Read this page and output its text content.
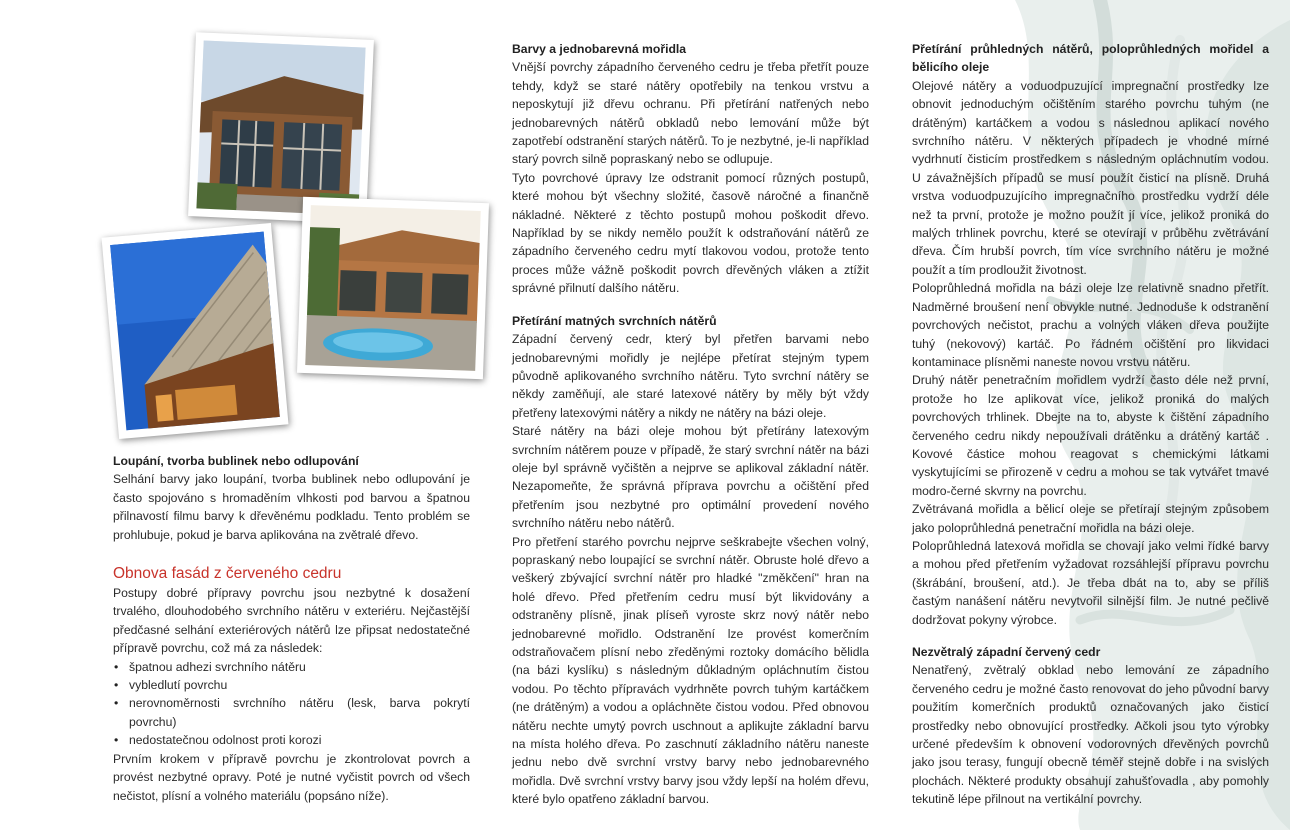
Loupání, tvorba bublinek nebo odlupování

Selhání barvy jako loupání, tvorba bublinek nebo odlupování je často spojováno s hromaděním vlhkosti pod barvou a špatnou přilnavostí filmu barvy k dřevěnému podkladu. Tento problém se prohlubuje, pokud je barva aplikována na zvětralé dřevo.

Obnova fasád z červeného cedru

Postupy dobré přípravy povrchu jsou nezbytné k dosažení trvalého, dlouhodobého svrchního nátěru v exteriéru. Nejčastější předčasné selhání exteriérových nátěrů lze připsat nedostatečné přípravě povrchu, což má za následek:

• špatnou adhezi svrchního nátěru
• vybledlutí povrchu
• nerovnoměrnosti svrchního nátěru (lesk, barva pokrytí povrchu)
• nedostatečnou odolnost proti korozi

Prvním krokem v přípravě povrchu je zkontrolovat povrch a provést nezbytné opravy. Poté je nutné vyčistit povrch od všech nečistot, plísní a volného materiálu (popsáno níže).

Barvy a jednobarevná mořidla

Vnější povrchy západního červeného cedru je třeba přetřít pouze tehdy, když se staré nátěry opotřebily na tenkou vrstvu a neposkytují již dřevu ochranu. Při přetírání natřených nebo jednobarevných nátěrů obkladů nebo lemování může být zapotřebí odstranění starých nátěrů. To je nezbytné, je-li například starý povrch silně popraskaný nebo se odlupuje.

Tyto povrchové úpravy lze odstranit pomocí různých postupů, které mohou být všechny složité, časově náročné a finančně nákladné. Některé z těchto postupů mohou poškodit dřevo. Například by se nikdy nemělo použít k odstraňování nátěrů ze západního červeného cedru mytí tlakovou vodou, protože tento proces může vážně poškodit povrch dřevěných vláken a ztížit správné přilnutí dalšího nátěru.

Přetírání matných svrchních nátěrů

Západní červený cedr, který byl přetřen barvami nebo jednobarevnými mořidly je nejlépe přetírat stejným typem původně aplikovaného svrchního nátěru. Tyto svrchní nátěry se někdy zaměňují, ale staré latexové nátěry by měly být vždy přetřeny latexovými nátěry a nikdy ne nátěry na bázi oleje.

Staré nátěry na bázi oleje mohou být přetírány latexovým svrchním nátěrem pouze v případě, že starý svrchní nátěr na bázi oleje byl správně vyčištěn a nejprve se aplikoval základní nátěr. Nezapomeňte, že správná příprava povrchu a očištění před přetřením jsou nezbytné pro optimální provedení nového svrchního nátěru nebo nátěrů.

Pro přetření starého povrchu nejprve seškrabejte všechen volný, popraskaný nebo loupající se svrchní nátěr. Obruste holé dřevo a veškerý zbývající svrchní nátěr pro hladké "změkčení" hran na holé dřevo. Před přetřením cedru musí být likvidovány a odstraněny plísně, jinak plíseň vyroste skrz nový nátěr nebo jednobarevné mořidlo. Odstranění lze provést komerčním odstraňovačem plísní nebo zředěnými roztoky domácího bělidla (na bázi kyslíku) s následným důkladným opláchnutím čistou vodou. Po těchto přípravách vydrhněte povrch tuhým kartáčkem (ne drátěným) a vodou a opláchněte čistou vodou. Před obnovou nátěru nechte umytý povrch uschnout a aplikujte základní barvu na místa holého dřeva. Po zaschnutí základního nátěru naneste jednu nebo dvě svrchní vrstvy barvy nebo jednobarevného mořidla. Dvě svrchní vrstvy barvy jsou vždy lepší na holém dřevu, které bylo opatřeno základní barvou.

Přetírání průhledných nátěrů, poloprůhledných mořidel a bělicího oleje

Olejové nátěry a voduodpuzující impregnační prostředky lze obnovit jednoduchým očištěním starého povrchu tuhým (ne drátěným) kartáčkem a vodou s následnou aplikací nového svrchního nátěru. V některých případech je vhodné mírné vydrhnutí čisticím prostředkem s následným opláchnutím vodou. U závažnějších případů se musí použít čisticí na plísně. Druhá vrstva voduodpuzujícího impregnačního prostředku vydrží déle než ta první, protože je možno použít jí více, jelikož proniká do malých trhlinek povrchu, které se otevírají v průběhu zvětrávání dřeva. Čím hrubší povrch, tím více svrchního nátěru je možné použít a tím prodloužit životnost.

Poloprůhledná mořidla na bázi oleje lze relativně snadno přetřít. Nadměrné broušení není obvykle nutné. Jednoduše k odstranění povrchových nečistot, prachu a volných vláken dřeva použijte tuhý (nekovový) kartáč. Po řádném očištění pro likvidaci kontaminace plísněmi naneste novou vrstvu nátěru.

Druhý nátěr penetračním mořidlem vydrží často déle než první, protože ho lze aplikovat více, jelikož proniká do malých povrchových trhlinek. Dbejte na to, abyste k čištění západního červeného cedru nikdy nepoužívali drátěnku a drátěný kartáč . Kovové částice mohou reagovat s chemickými látkami vyskytujícími se přirozeně v cedru a mohou se tak vytvářet tmavé modro-černé skvrny na povrchu.

Zvětrávaná mořidla a bělicí oleje se přetírají stejným způsobem jako poloprůhledná penetrační mořidla na bázi oleje.

Poloprůhledná latexová mořidla se chovají jako velmi řídké barvy a mohou před přetřením vyžadovat rozsáhlejší přípravu povrchu (škrábání, broušení, atd.). Je třeba dbát na to, aby se příliš častým nanášení nátěru nevytvořil silnější film. Je nutné pečlivě dodržovat pokyny výrobce.

Nezvětralý západní červený cedr

Nenatřený, zvětralý obklad nebo lemování ze západního červeného cedru je možné často renovovat do jeho původní barvy použitím komerčních produktů označovaných jako čisticí prostředky nebo obnovující prostředky. Ačkoli jsou tyto výrobky určené především k obnovení vodorovných dřevěných povrchů jako jsou terasy, fungují obecně téměř stejně dobře i na svislých plochách. Některé produkty obsahují zahušťovadla , aby pomohly tekutině lépe přilnout na vertikální povrchy.
